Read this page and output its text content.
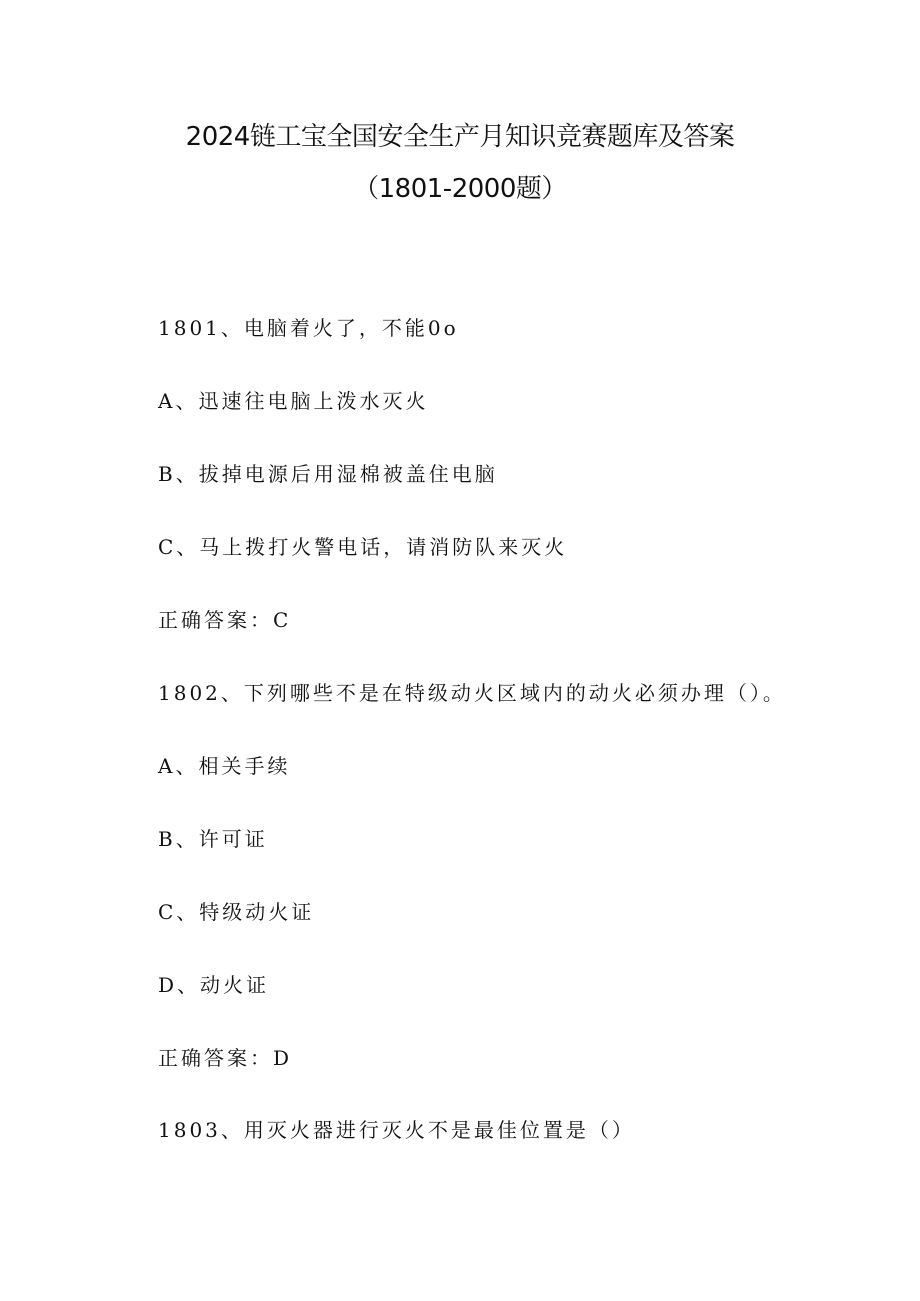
2024链工宝全国安全生产月知识竞赛题库及答案
（1801-2000题）
1801、电脑着火了，不能0o
A、迅速往电脑上泼水灭火
B、拔掉电源后用湿棉被盖住电脑
C、马上拨打火警电话，请消防队来灭火
正确答案：C
1802、下列哪些不是在特级动火区域内的动火必须办理（）。
A、相关手续
B、许可证
C、特级动火证
D、动火证
正确答案：D
1803、用灭火器进行灭火不是最佳位置是（）
